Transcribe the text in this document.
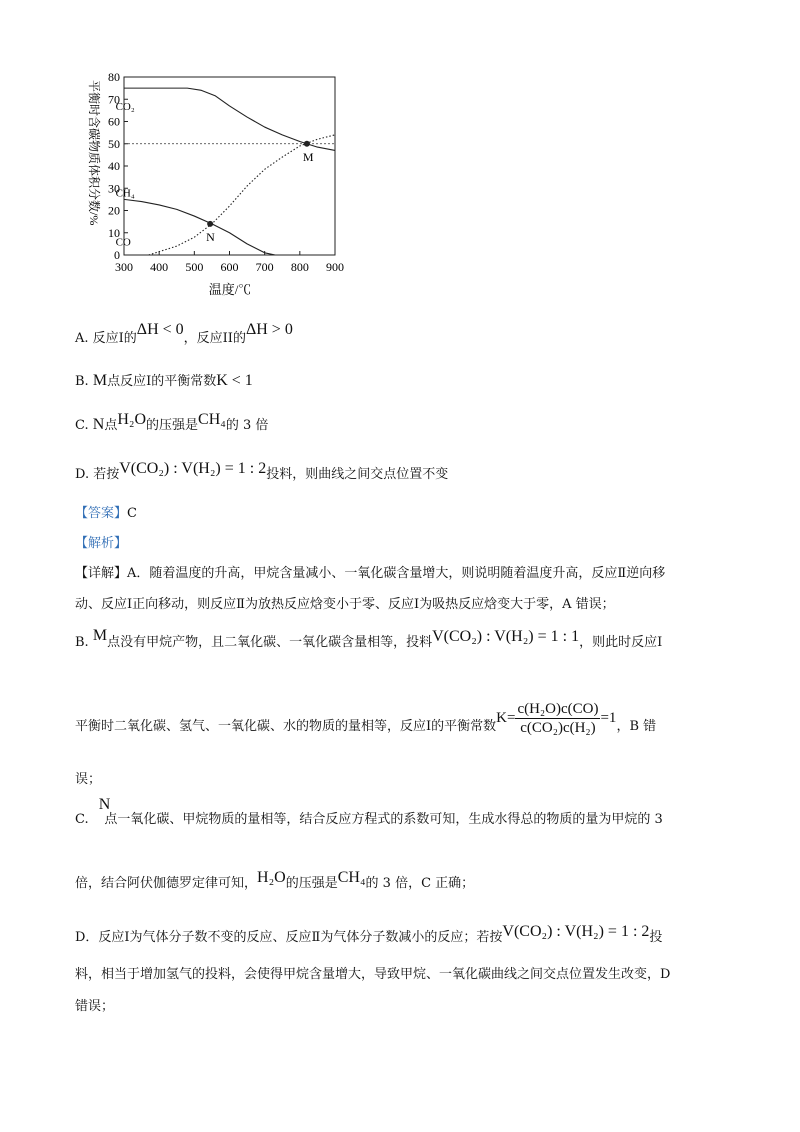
平衡时含碳物质体积分数/%
300 400 500 600 700 800 900
0
10
20
30
40
50
60
70
80
M
N
CO₂
CH₄
CO
温度/℃
A. 反应I的ΔH < 0，反应II的ΔH > 0
B. M点反应I的平衡常数K < 1
C. N点H₂O的压强是CH₄的 3 倍
D. 若按V(CO₂) : V(H₂) = 1 : 2投料，则曲线之间交点位置不变
【答案】C
【解析】
【详解】A．随着温度的升高，甲烷含量减小、一氧化碳含量增大，则说明随着温度升高，反应Ⅱ逆向移
动、反应Ⅰ正向移动，则反应Ⅱ为放热反应焓变小于零、反应Ⅰ为吸热反应焓变大于零，A 错误；
B. M点没有甲烷产物，且二氧化碳、一氧化碳含量相等，投料V(CO₂) : V(H₂) = 1 : 1，则此时反应Ⅰ
平衡时二氧化碳、氢气、一氧化碳、水的物质的量相等，反应Ⅰ的平衡常数$K= \frac{\text{c(H₂O)c(CO)}}{\text{c(CO₂)c(H₂)}} =1$，B 错
误；
C. N点一氧化碳、甲烷物质的量相等，结合反应方程式的系数可知，生成水得总的物质的量为甲烷的 3
倍，结合阿伏伽德罗定律可知，H₂O的压强是CH₄的 3 倍，C 正确；
D．反应Ⅰ为气体分子数不变的反应、反应Ⅱ为气体分子数减小的反应；若按V(CO₂) : V(H₂) = 1 : 2投
料，相当于增加氢气的投料，会使得甲烷含量增大，导致甲烷、一氧化碳曲线之间交点位置发生改变，D
错误；
